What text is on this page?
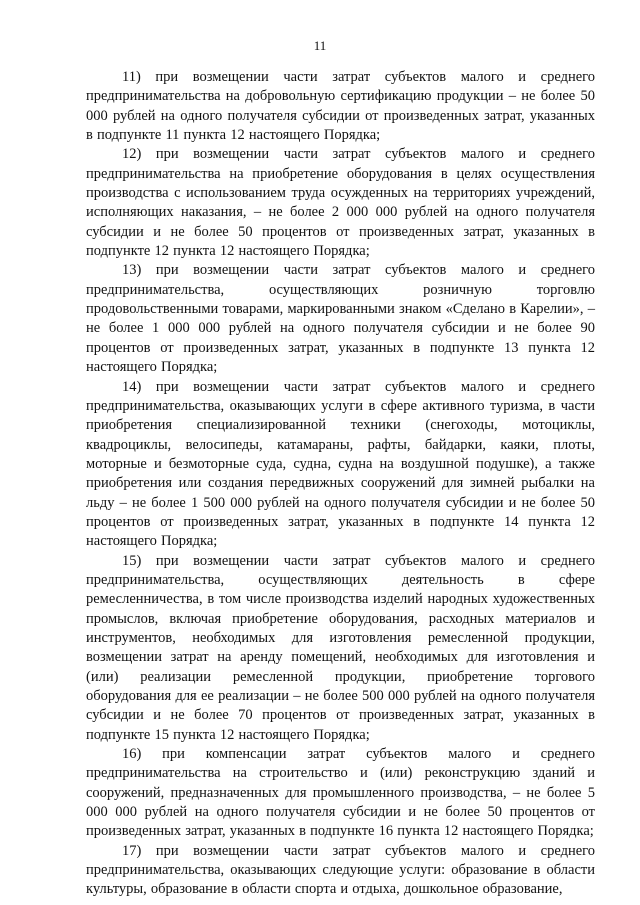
11

11) при возмещении части затрат субъектов малого и среднего предпринимательства на добровольную сертификацию продукции – не более 50 000 рублей на одного получателя субсидии от произведенных затрат, указанных в подпункте 11 пункта 12 настоящего Порядка;

12) при возмещении части затрат субъектов малого и среднего предпринимательства на приобретение оборудования в целях осуществления производства с использованием труда осужденных на территориях учреждений, исполняющих наказания, – не более 2 000 000 рублей на одного получателя субсидии и не более 50 процентов от произведенных затрат, указанных в подпункте 12 пункта 12 настоящего Порядка;

13) при возмещении части затрат субъектов малого и среднего предпринимательства, осуществляющих розничную торговлю продовольственными товарами, маркированными знаком «Сделано в Карелии», – не более 1 000 000 рублей на одного получателя субсидии и не более 90 процентов от произведенных затрат, указанных в подпункте 13 пункта 12 настоящего Порядка;

14) при возмещении части затрат субъектов малого и среднего предпринимательства, оказывающих услуги в сфере активного туризма, в части приобретения специализированной техники (снегоходы, мотоциклы, квадроциклы, велосипеды, катамараны, рафты, байдарки, каяки, плоты, моторные и безмоторные суда, судна, судна на воздушной подушке), а также приобретения или создания передвижных сооружений для зимней рыбалки на льду – не более 1 500 000 рублей на одного получателя субсидии и не более 50 процентов от произведенных затрат, указанных в подпункте 14 пункта 12 настоящего Порядка;

15) при возмещении части затрат субъектов малого и среднего предпринимательства, осуществляющих деятельность в сфере ремесленничества, в том числе производства изделий народных художественных промыслов, включая приобретение оборудования, расходных материалов и инструментов, необходимых для изготовления ремесленной продукции, возмещении затрат на аренду помещений, необходимых для изготовления и (или) реализации ремесленной продукции, приобретение торгового оборудования для ее реализации – не более 500 000 рублей на одного получателя субсидии и не более 70 процентов от произведенных затрат, указанных в подпункте 15 пункта 12 настоящего Порядка;

16) при компенсации затрат субъектов малого и среднего предпринимательства на строительство и (или) реконструкцию зданий и сооружений, предназначенных для промышленного производства, – не более 5 000 000 рублей на одного получателя субсидии и не более 50 процентов от произведенных затрат, указанных в подпункте 16 пункта 12 настоящего Порядка;

17) при возмещении части затрат субъектов малого и среднего предпринимательства, оказывающих следующие услуги: образование в области культуры, образование в области спорта и отдыха, дошкольное образование,
